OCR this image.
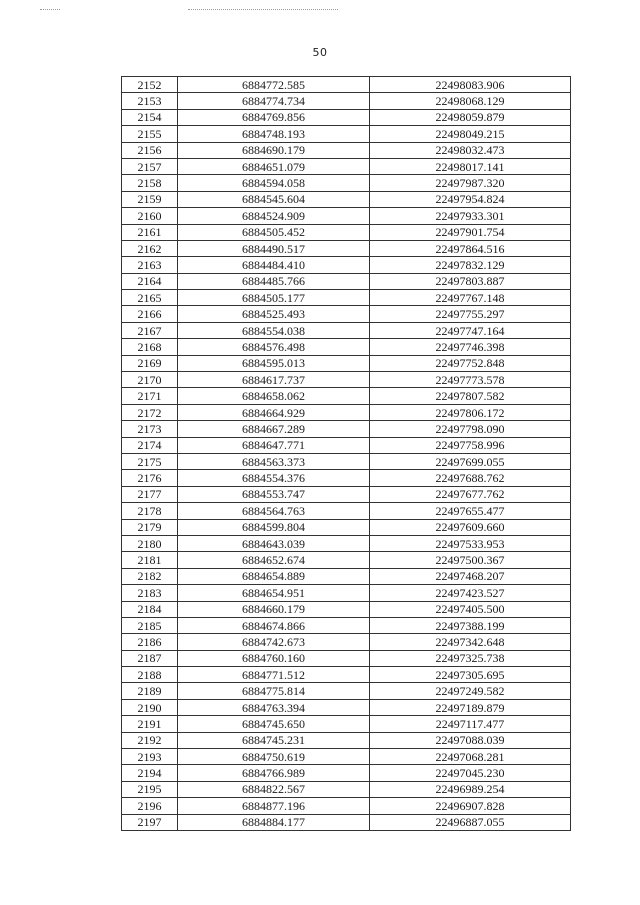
50
2152	6884772.585	22498083.906
2153	6884774.734	22498068.129
2154	6884769.856	22498059.879
2155	6884748.193	22498049.215
2156	6884690.179	22498032.473
2157	6884651.079	22498017.141
2158	6884594.058	22497987.320
2159	6884545.604	22497954.824
2160	6884524.909	22497933.301
2161	6884505.452	22497901.754
2162	6884490.517	22497864.516
2163	6884484.410	22497832.129
2164	6884485.766	22497803.887
2165	6884505.177	22497767.148
2166	6884525.493	22497755.297
2167	6884554.038	22497747.164
2168	6884576.498	22497746.398
2169	6884595.013	22497752.848
2170	6884617.737	22497773.578
2171	6884658.062	22497807.582
2172	6884664.929	22497806.172
2173	6884667.289	22497798.090
2174	6884647.771	22497758.996
2175	6884563.373	22497699.055
2176	6884554.376	22497688.762
2177	6884553.747	22497677.762
2178	6884564.763	22497655.477
2179	6884599.804	22497609.660
2180	6884643.039	22497533.953
2181	6884652.674	22497500.367
2182	6884654.889	22497468.207
2183	6884654.951	22497423.527
2184	6884660.179	22497405.500
2185	6884674.866	22497388.199
2186	6884742.673	22497342.648
2187	6884760.160	22497325.738
2188	6884771.512	22497305.695
2189	6884775.814	22497249.582
2190	6884763.394	22497189.879
2191	6884745.650	22497117.477
2192	6884745.231	22497088.039
2193	6884750.619	22497068.281
2194	6884766.989	22497045.230
2195	6884822.567	22496989.254
2196	6884877.196	22496907.828
2197	6884884.177	22496887.055
